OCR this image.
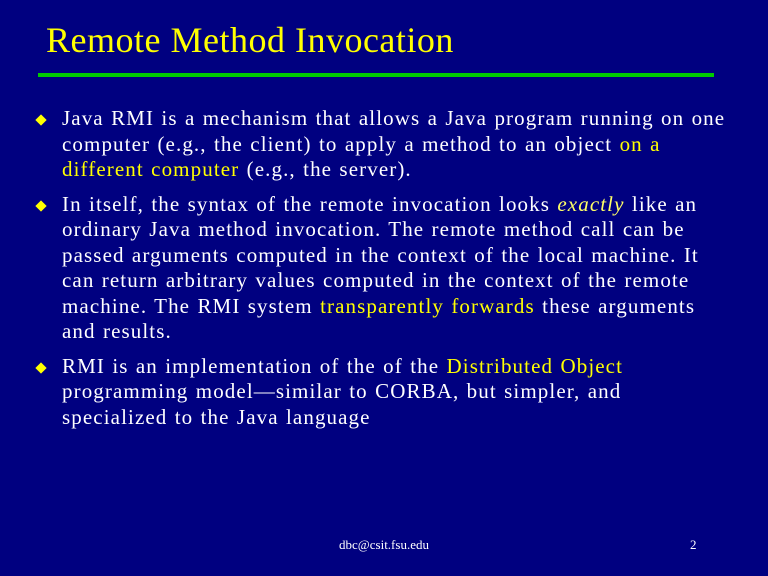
Remote Method Invocation
Java RMI is a mechanism that allows a Java program running on one computer (e.g., the client) to apply a method to an object on a different computer (e.g., the server).
In itself, the syntax of the remote invocation looks exactly like an ordinary Java method invocation. The remote method call can be passed arguments computed in the context of the local machine. It can return arbitrary values computed in the context of the remote machine. The RMI system transparently forwards these arguments and results.
RMI is an implementation of the of the Distributed Object programming model—similar to CORBA, but simpler, and specialized to the Java language
dbc@csit.fsu.edu	2
